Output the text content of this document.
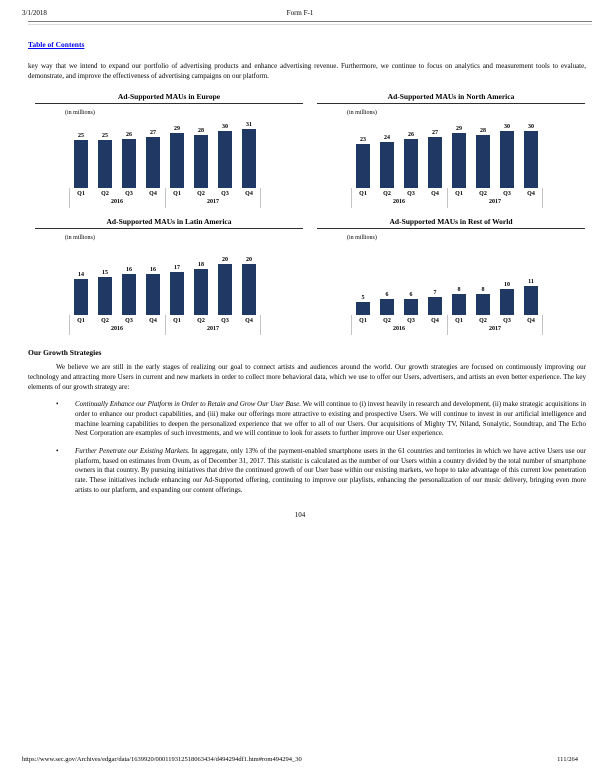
3/1/2018	Form F-1
Table of Contents
key way that we intend to expand our portfolio of advertising products and enhance advertising revenue. Furthermore, we continue to focus on analytics and measurement tools to evaluate, demonstrate, and improve the effectiveness of advertising campaigns on our platform.
Ad-Supported MAUs in Europe
(in millions)
25	25	26	27
29	28
30	31
Q1	Q2	Q3	Q4	Q1	Q2	Q3	Q4
2016	2017
Ad-Supported MAUs in North America
(in millions)
23	24	26	27
29	28
30	30
Q1	Q2	Q3	Q4	Q1	Q2	Q3	Q4
2016	2017
Ad-Supported MAUs in Latin America
(in millions)
14	15	16	16	17	18
20	20
Q1	Q2	Q3	Q4	Q1	Q2	Q3	Q4
2016	2017
Ad-Supported MAUs in Rest of World
(in millions)
5	6	6	7	8	8
10	11
Q1	Q2	Q3	Q4	Q1	Q2	Q3	Q4
2016	2017
Our Growth Strategies
We believe we are still in the early stages of realizing our goal to connect artists and audiences around the world. Our growth strategies are focused on continuously improving our technology and attracting more Users in current and new markets in order to collect more behavioral data, which we use to offer our Users, advertisers, and artists an even better experience. The key elements of our growth strategy are:
•	Continually Enhance our Platform in Order to Retain and Grow Our User Base. We will continue to (i) invest heavily in research and development, (ii) make strategic acquisitions in order to enhance our product capabilities, and (iii) make our offerings more attractive to existing and prospective Users. We will continue to invest in our artificial intelligence and machine learning capabilities to deepen the personalized experience that we offer to all of our Users. Our acquisitions of Mighty TV, Niland, Sonalytic, Soundtrap, and The Echo Nest Corporation are examples of such investments, and we will continue to look for assets to further improve our User experience.
•	Further Penetrate our Existing Markets. In aggregate, only 13% of the payment-enabled smartphone users in the 61 countries and territories in which we have active Users use our platform, based on estimates from Ovum, as of December 31, 2017. This statistic is calculated as the number of our Users within a country divided by the total number of smartphone owners in that country. By pursuing initiatives that drive the continued growth of our User base within our existing markets, we hope to take advantage of this current low penetration rate. These initiatives include enhancing our Ad-Supported offering, continuing to improve our playlists, enhancing the personalization of our music delivery, bringing even more artists to our platform, and expanding our content offerings.
104
https://www.sec.gov/Archives/edgar/data/1639920/000119312518063434/d494294df1.htm#rom494294_30	111/264
